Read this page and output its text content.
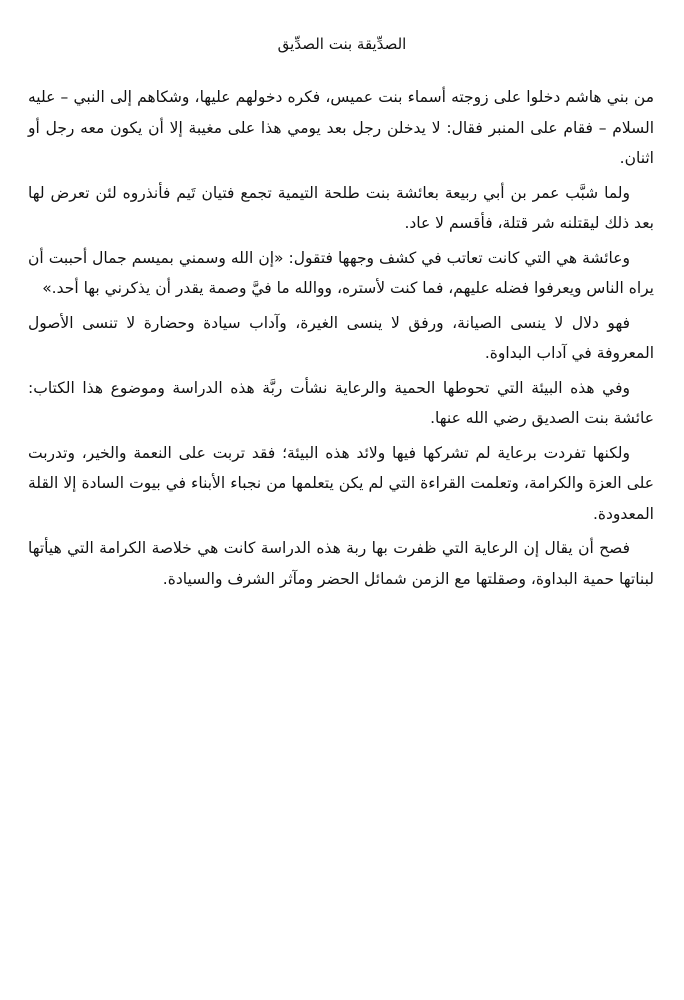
الصدِّيقة بنت الصدِّيق

من بني هاشم دخلوا على زوجته أسماء بنت عميس، فكره دخولهم عليها، وشكاهم إلى النبي – عليه السلام – فقام على المنبر فقال: لا يدخلن رجل بعد يومي هذا على مغيبة إلا أن يكون معه رجل أو اثنان.

ولما شبَّب عمر بن أبي ربيعة بعائشة بنت طلحة التيمية تجمع فتيان تَيم فأنذروه لئن تعرض لها بعد ذلك ليقتلنه شر قتلة، فأقسم لا عاد.

وعائشة هي التي كانت تعاتب في كشف وجهها فتقول: «إن الله وسمني بميسم جمال أحببت أن يراه الناس ويعرفوا فضله عليهم، فما كنت لأستره، ووالله ما فيَّ وصمة يقدر أن يذكرني بها أحد.»

فهو دلال لا ينسى الصيانة، ورفق لا ينسى الغيرة، وآداب سيادة وحضارة لا تنسى الأصول المعروفة في آداب البداوة.

وفي هذه البيئة التي تحوطها الحمية والرعاية نشأت ربَّة هذه الدراسة وموضوع هذا الكتاب: عائشة بنت الصديق رضي الله عنها.

ولكنها تفردت برعاية لم تشركها فيها ولائد هذه البيئة؛ فقد تربت على النعمة والخير، وتدربت على العزة والكرامة، وتعلمت القراءة التي لم يكن يتعلمها من نجباء الأبناء في بيوت السادة إلا القلة المعدودة.

فصح أن يقال إن الرعاية التي ظفرت بها ربة هذه الدراسة كانت هي خلاصة الكرامة التي هيأتها لبناتها حمية البداوة، وصقلتها مع الزمن شمائل الحضر ومآثر الشرف والسيادة.
